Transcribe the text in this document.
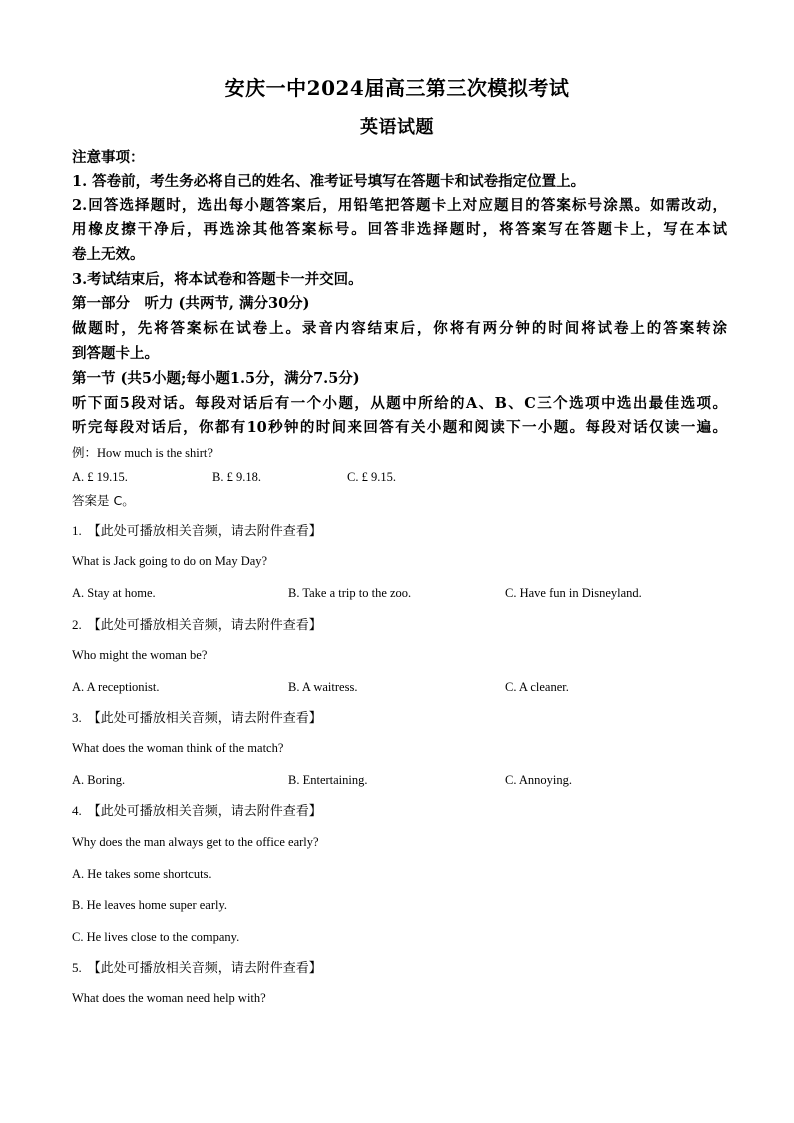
安庆一中2024届高三第三次模拟考试
英语试题
注意事项：
1. 答卷前，考生务必将自己的姓名、准考证号填写在答题卡和试卷指定位置上。
2.回答选择题时，选出每小题答案后，用铅笔把答题卡上对应题目的答案标号涂黑。如需改动，
用橡皮擦干净后，再选涂其他答案标号。回答非选择题时，将答案写在答题卡上，写在本试
卷上无效。
3.考试结束后，将本试卷和答题卡一并交回。
第一部分　听力 (共两节, 满分30分)
做题时，先将答案标在试卷上。录音内容结束后，你将有两分钟的时间将试卷上的答案转涂
到答题卡上。
第一节 (共5小题;每小题1.5分，满分7.5分)
听下面5段对话。每段对话后有一个小题，从题中所给的A、B、C三个选项中选出最佳选项。
听完每段对话后，你都有10秒钟的时间来回答有关小题和阅读下一小题。每段对话仅读一遍。
例：How much is the shirt?
A. £ 19.15.	B. £ 9.18.	C. £ 9.15.
答案是 C。
1. 【此处可播放相关音频，请去附件查看】
What is Jack going to do on May Day?
A. Stay at home.	B. Take a trip to the zoo.	C. Have fun in Disneyland.
2. 【此处可播放相关音频，请去附件查看】
Who might the woman be?
A. A receptionist.	B. A waitress.	C. A cleaner.
3. 【此处可播放相关音频，请去附件查看】
What does the woman think of the match?
A. Boring.	B. Entertaining.	C. Annoying.
4. 【此处可播放相关音频，请去附件查看】
Why does the man always get to the office early?
A. He takes some shortcuts.
B. He leaves home super early.
C. He lives close to the company.
5. 【此处可播放相关音频，请去附件查看】
What does the woman need help with?
